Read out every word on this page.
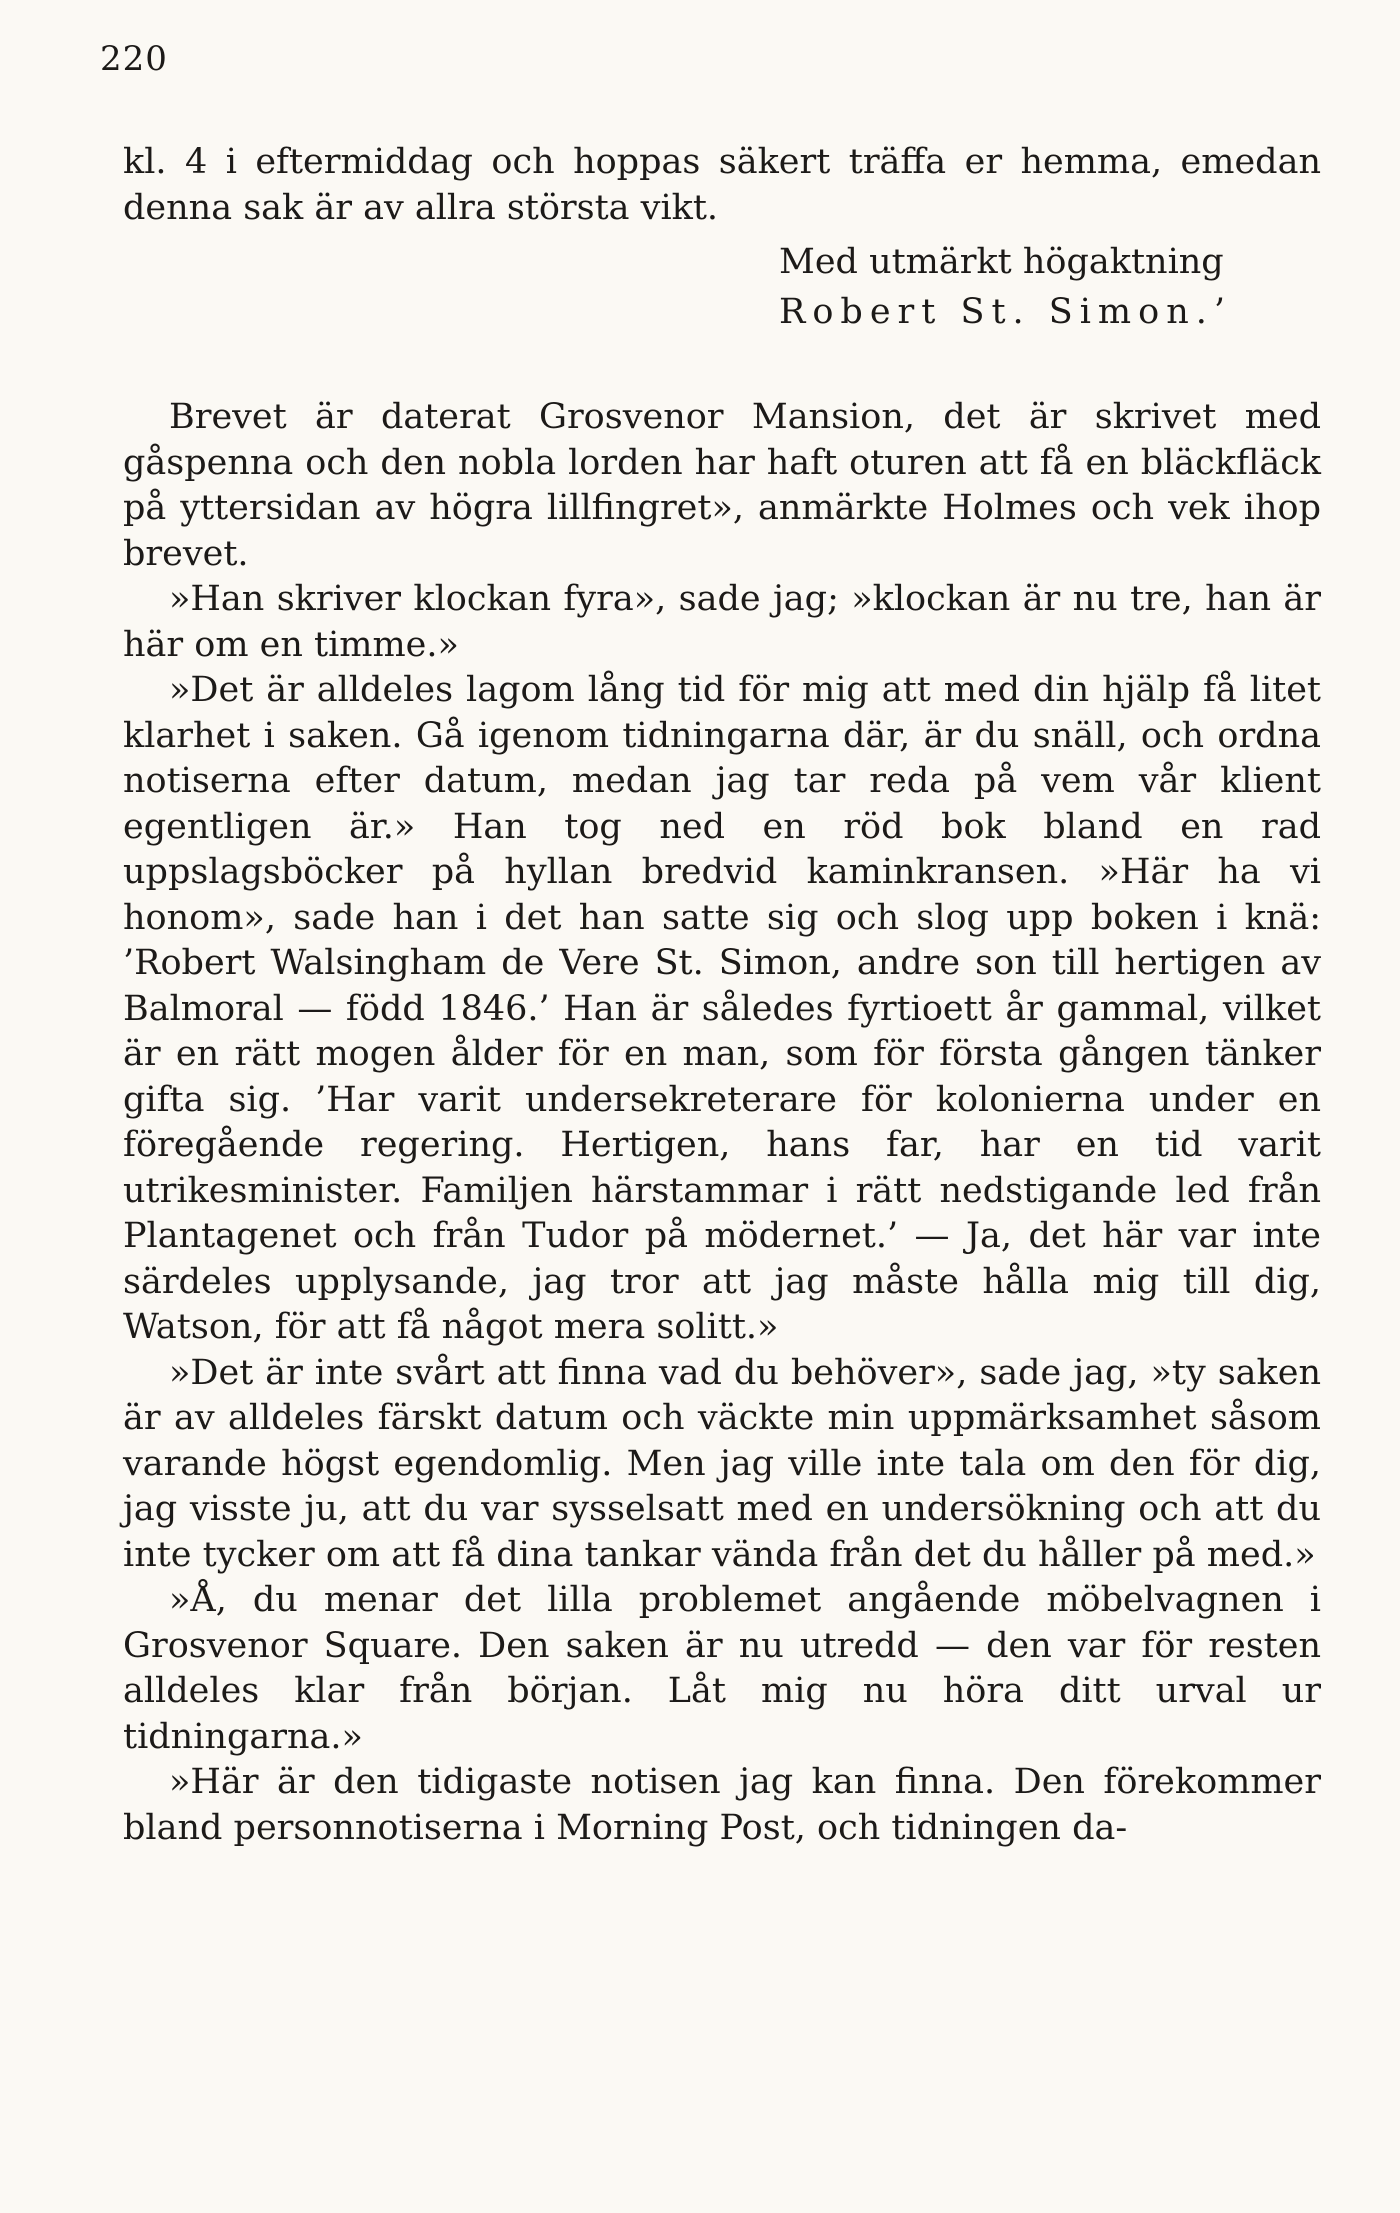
220

kl. 4 i eftermiddag och hoppas säkert träffa er hemma, emedan denna sak är av allra största vikt.

Med utmärkt högaktning

Robert St. Simon.’

Brevet är daterat Grosvenor Mansion, det är skrivet med gåspenna och den nobla lorden har haft oturen att få en bläckfläck på yttersidan av högra lillfingret», anmärkte Holmes och vek ihop brevet.

»Han skriver klockan fyra», sade jag; »klockan är nu tre, han är här om en timme.»

»Det är alldeles lagom lång tid för mig att med din hjälp få litet klarhet i saken. Gå igenom tidningarna där, är du snäll, och ordna notiserna efter datum, medan jag tar reda på vem vår klient egentligen är.» Han tog ned en röd bok bland en rad uppslagsböcker på hyllan bredvid kaminkransen. »Här ha vi honom», sade han i det han satte sig och slog upp boken i knä: ’Robert Walsingham de Vere St. Simon, andre son till hertigen av Balmoral — född 1846.’ Han är således fyrtioett år gammal, vilket är en rätt mogen ålder för en man, som för första gången tänker gifta sig. ’Har varit undersekreterare för kolonierna under en föregående regering. Hertigen, hans far, har en tid varit utrikesminister. Familjen härstammar i rätt nedstigande led från Plantagenet och från Tudor på mödernet.’ — Ja, det här var inte särdeles upplysande, jag tror att jag måste hålla mig till dig, Watson, för att få något mera solitt.»

»Det är inte svårt att finna vad du behöver», sade jag, »ty saken är av alldeles färskt datum och väckte min uppmärksamhet såsom varande högst egendomlig. Men jag ville inte tala om den för dig, jag visste ju, att du var sysselsatt med en undersökning och att du inte tycker om att få dina tankar vända från det du håller på med.»

»Å, du menar det lilla problemet angående möbelvagnen i Grosvenor Square. Den saken är nu utredd — den var för resten alldeles klar från början. Låt mig nu höra ditt urval ur tidningarna.»

»Här är den tidigaste notisen jag kan finna. Den förekommer bland personnotiserna i Morning Post, och tidningen da-
